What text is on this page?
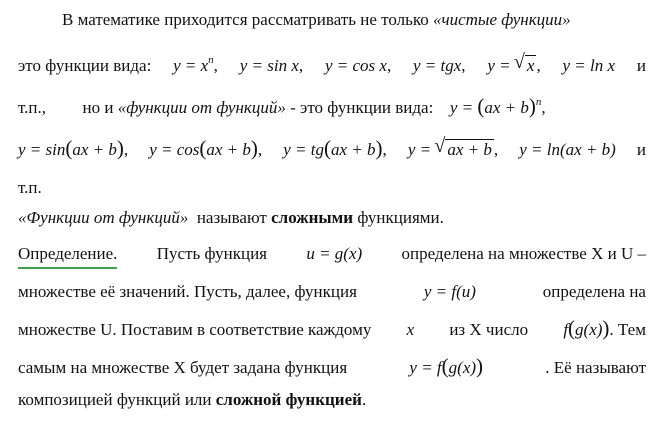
В математике приходится рассматривать не только «чистые функции»
это функции вида: $y = x^n$, y = sin x, y = cos x, y = tgx, y = √ x , y = ln x и
т.п., но и «функции от функций» - это функции вида: y = (ax + b)$^n$,
y = sin(ax + b), y = cos(ax + b), y = tg(ax + b), y = √ ax + b , y = ln(ax + b) и
т.п.
«Функции от функций»  называют сложными функциями.
Определение. Пусть функция u = g(x) определена на множестве X и U –
множестве её значений. Пусть, далее, функция	y = f(u)	определена на
множестве U. Поставим в соответствие каждому x из X число f(g(x)). Тем
самым на множестве X будет задана функция	y = f(g(x))	. Её называют
композицией функций или сложной функцией.
